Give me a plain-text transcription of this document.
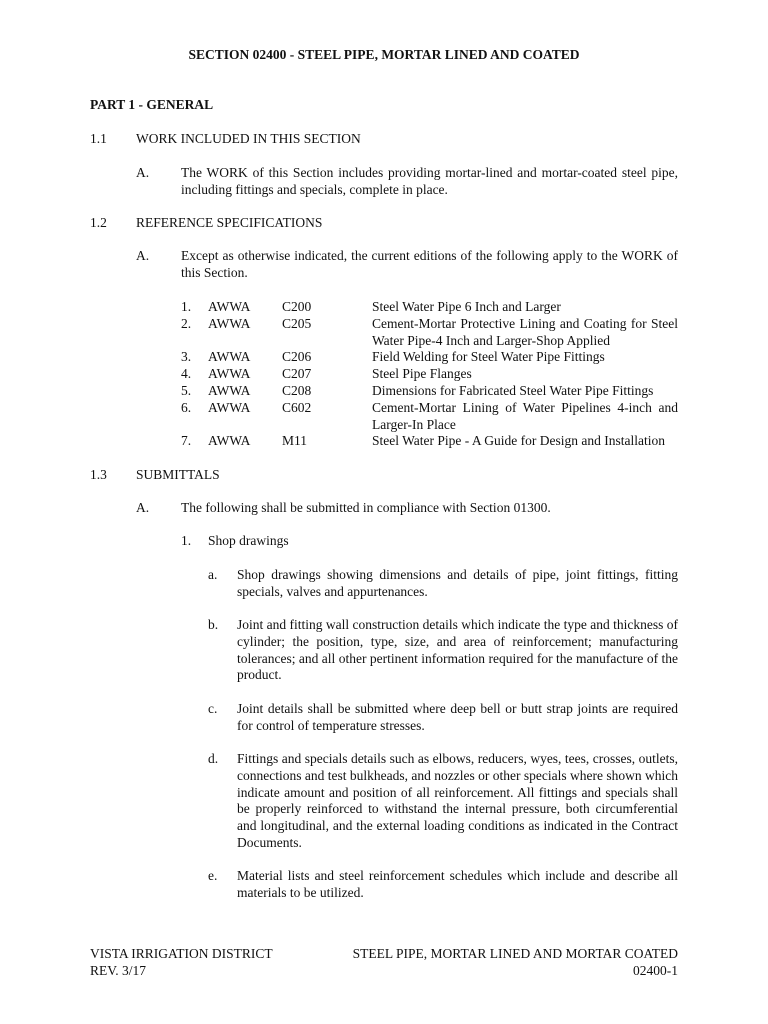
SECTION 02400 - STEEL PIPE, MORTAR LINED AND COATED
PART 1 - GENERAL
1.1 WORK INCLUDED IN THIS SECTION
A. The WORK of this Section includes providing mortar-lined and mortar-coated steel pipe, including fittings and specials, complete in place.
1.2 REFERENCE SPECIFICATIONS
A. Except as otherwise indicated, the current editions of the following apply to the WORK of this Section.
1. AWWA C200	Steel Water Pipe 6 Inch and Larger
2. AWWA C205	Cement-Mortar Protective Lining and Coating for Steel Water Pipe-4 Inch and Larger-Shop Applied
3. AWWA C206	Field Welding for Steel Water Pipe Fittings
4. AWWA C207	Steel Pipe Flanges
5. AWWA C208	Dimensions for Fabricated Steel Water Pipe Fittings
6. AWWA C602	Cement-Mortar Lining of Water Pipelines 4-inch and Larger-In Place
7. AWWA M11	Steel Water Pipe - A Guide for Design and Installation
1.3 SUBMITTALS
A. The following shall be submitted in compliance with Section 01300.
1. Shop drawings
a. Shop drawings showing dimensions and details of pipe, joint fittings, fitting specials, valves and appurtenances.
b. Joint and fitting wall construction details which indicate the type and thickness of cylinder; the position, type, size, and area of reinforcement; manufacturing tolerances; and all other pertinent information required for the manufacture of the product.
c. Joint details shall be submitted where deep bell or butt strap joints are required for control of temperature stresses.
d. Fittings and specials details such as elbows, reducers, wyes, tees, crosses, outlets, connections and test bulkheads, and nozzles or other specials where shown which indicate amount and position of all reinforcement. All fittings and specials shall be properly reinforced to withstand the internal pressure, both circumferential and longitudinal, and the external loading conditions as indicated in the Contract Documents.
e. Material lists and steel reinforcement schedules which include and describe all materials to be utilized.
VISTA IRRIGATION DISTRICT
REV. 3/17
STEEL PIPE, MORTAR LINED AND MORTAR COATED
02400-1
